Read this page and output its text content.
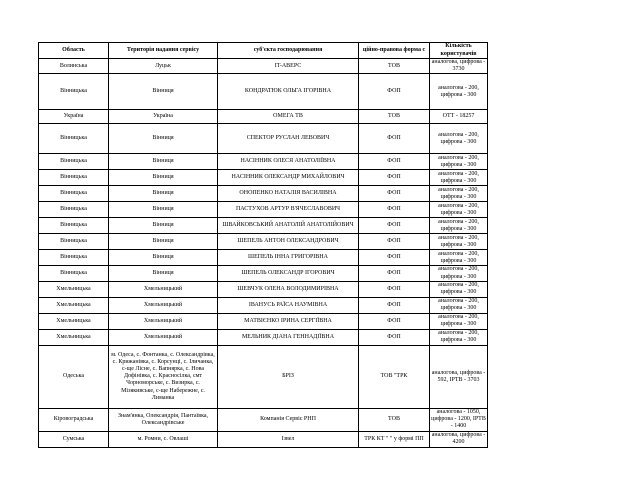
Область	Територія надання сервісу	суб'єкта господарювання	ційно-правова форма с	Кількість користувачів
Волинська	Луцьк	IT-АВЕРС	ТОВ	аналогова, цифрова - 3730
Вінницька	Вінниця	КОНДРАТЮК ОЛЬГА ІГОРІВНА	ФОП	аналогова - 200, цифрова - 300
Україна	Україна	ОМЕГА ТВ	ТОВ	ОТТ - 18257
Вінницька	Вінниця	СПЕКТОР РУСЛАН ЛЕВОВИЧ	ФОП	аналогова - 200, цифрова - 300
Вінницька	Вінниця	НАСІННИК ОЛЕСЯ АНАТОЛІЇВНА	ФОП	аналогова - 200, цифрова - 300
Вінницька	Вінниця	НАСІННИК ОЛЕКСАНДР МИХАЙЛОВИЧ	ФОП	аналогова - 200, цифрова - 300
Вінницька	Вінниця	ОНОПЕНКО НАТАЛІЯ ВАСИЛІВНА	ФОП	аналогова - 200, цифрова - 300
Вінницька	Вінниця	ПАСТУХОВ АРТУР В'ЯЧЕСЛАВОВИЧ	ФОП	аналогова - 200, цифрова - 300
Вінницька	Вінниця	ШВАЙКОВСЬКИЙ АНАТОЛІЙ АНАТОЛІЙОВИЧ	ФОП	аналогова - 200, цифрова - 300
Вінницька	Вінниця	ШЕПЕЛЬ АНТОН ОЛЕКСАНДРОВИЧ	ФОП	аналогова - 200, цифрова - 300
Вінницька	Вінниця	ШЕПЕЛЬ ІННА ГРИГОРІВНА	ФОП	аналогова - 200, цифрова - 300
Вінницька	Вінниця	ШЕПЕЛЬ ОЛЕКСАНДР ІГОРОВИЧ	ФОП	аналогова - 200, цифрова - 300
Хмельницька	Хмельницький	ШЕВЧУК ОЛЕНА ВОЛОДИМИРІВНА	ФОП	аналогова - 200, цифрова - 300
Хмельницька	Хмельницький	ІВАНУСЬ РАЇСА НАУМІВНА	ФОП	аналогова - 200, цифрова - 300
Хмельницька	Хмельницький	МАТВІЄНКО ІРИНА СЕРГІЇВНА	ФОП	аналогова - 200, цифрова - 300
Хмельницька	Хмельницький	МЕЛЬНИК ДІАНА ГЕННАДІЇВНА	ФОП	аналогова - 200, цифрова - 300
Одеська	м. Одеса, с. Фонтанка, с. Олександрівка, с. Крижанівка, с. Корсунці, с. Іличанка, с-ще Лісне, с. Вапнярка, с. Нова Дофінівка, с. Красносілка, смт Чорноморське, с. Визирка, с. Мізякивське, с-ще Набережне, с. Лиманка	БРІЗ	ТОВ "ТРК	аналогова, цифрова - 592, IPTB - 3703
Кіровоградська	Знам'янка, Олександрія, Пантаївка, Олександрівське	Компанія Сервіс РНП	ТОВ	аналогова - 1050, цифрова - 1200, IPTB - 1400
Сумська	м. Ромни, с. Овлаші	Ізвел	ТРК КТ " " у формі ПП	аналогова, цифрова - 4200
